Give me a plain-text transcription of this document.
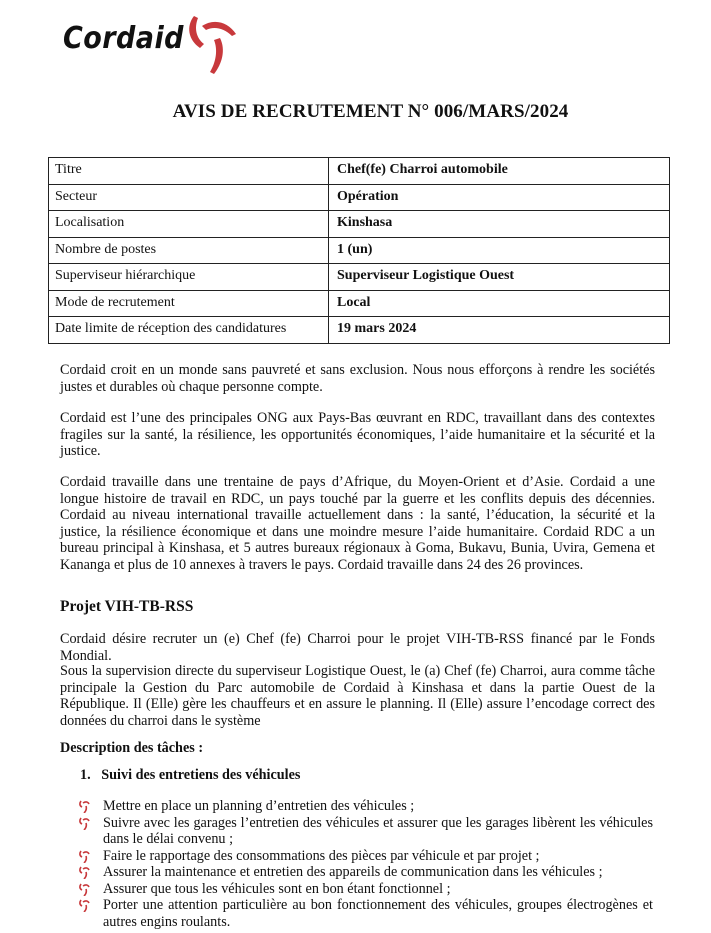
Cordaid
AVIS DE RECRUTEMENT N° 006/MARS/2024
Titre	Chef(fe) Charroi automobile
Secteur	Opération
Localisation	Kinshasa
Nombre de postes	1 (un)
Superviseur hiérarchique	Superviseur Logistique Ouest
Mode de recrutement	Local
Date limite de réception des candidatures	19 mars 2024

Cordaid croit en un monde sans pauvreté et sans exclusion. Nous nous efforçons à rendre les sociétés justes et durables où chaque personne compte.

Cordaid est l’une des principales ONG aux Pays-Bas œuvrant en RDC, travaillant dans des contextes fragiles sur la santé, la résilience, les opportunités économiques, l’aide humanitaire et la sécurité et la justice.

Cordaid travaille dans une trentaine de pays d’Afrique, du Moyen-Orient et d’Asie. Cordaid a une longue histoire de travail en RDC, un pays touché par la guerre et les conflits depuis des décennies. Cordaid au niveau international travaille actuellement dans : la santé, l’éducation, la sécurité et la justice, la résilience économique et dans une moindre mesure l’aide humanitaire. Cordaid RDC a un bureau principal à Kinshasa, et 5 autres bureaux régionaux à Goma, Bukavu, Bunia, Uvira, Gemena et Kananga et plus de 10 annexes à travers le pays. Cordaid travaille dans 24 des 26 provinces.

Projet VIH-TB-RSS

Cordaid désire recruter un (e) Chef (fe) Charroi pour le projet VIH-TB-RSS financé par le Fonds Mondial.

Sous la supervision directe du superviseur Logistique Ouest, le (a) Chef (fe) Charroi, aura comme tâche principale la Gestion du Parc automobile de Cordaid à Kinshasa et dans la partie Ouest de la République. Il (Elle) gère les chauffeurs et en assure le planning. Il (Elle) assure l’encodage correct des données du charroi dans le système

Description des tâches :
1.   Suivi des entretiens des véhicules
Mettre en place un planning d’entretien des véhicules ;
Suivre avec les garages l’entretien des véhicules et assurer que les garages libèrent les véhicules dans le délai convenu ;
Faire le rapportage des consommations des pièces par véhicule et par projet ;
Assurer la maintenance et entretien des appareils de communication dans les véhicules ;
Assurer que tous les véhicules sont en bon étant fonctionnel ;
Porter une attention particulière au bon fonctionnement des véhicules, groupes électrogènes et autres engins roulants.
